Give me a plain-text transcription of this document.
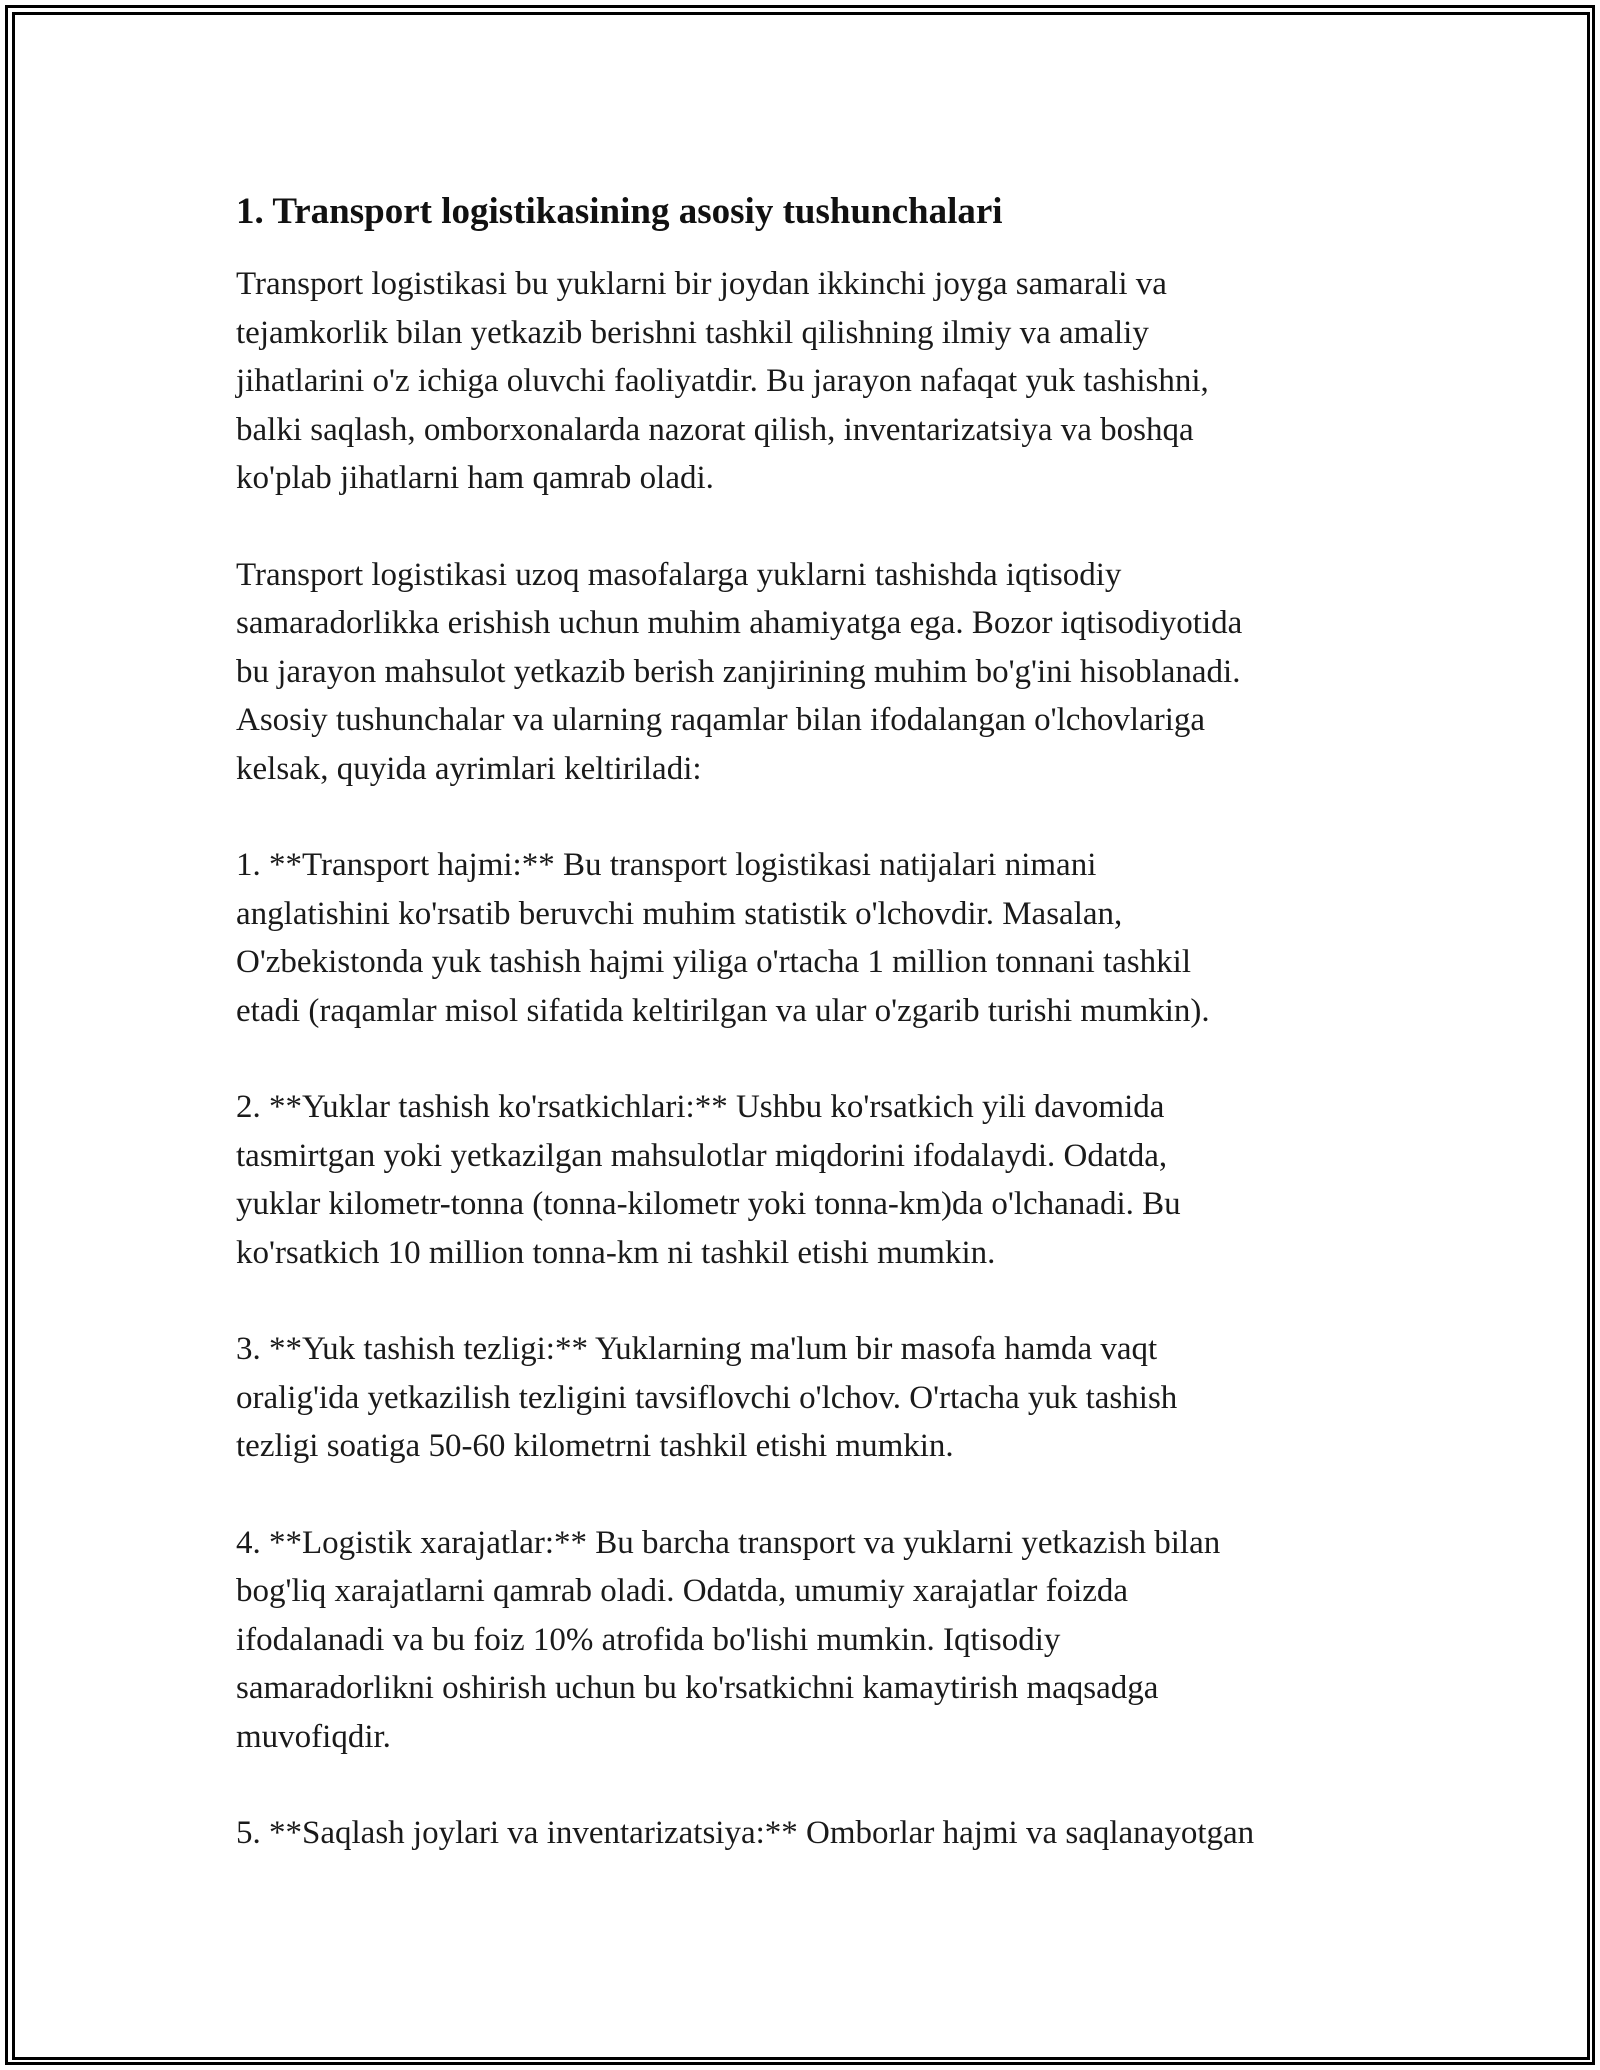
1. Transport logistikasining asosiy tushunchalari

Transport logistikasi bu yuklarni bir joydan ikkinchi joyga samarali va
tejamkorlik bilan yetkazib berishni tashkil qilishning ilmiy va amaliy
jihatlarini o'z ichiga oluvchi faoliyatdir. Bu jarayon nafaqat yuk tashishni,
balki saqlash, omborxonalarda nazorat qilish, inventarizatsiya va boshqa
ko'plab jihatlarni ham qamrab oladi.

Transport logistikasi uzoq masofalarga yuklarni tashishda iqtisodiy
samaradorlikka erishish uchun muhim ahamiyatga ega. Bozor iqtisodiyotida
bu jarayon mahsulot yetkazib berish zanjirining muhim bo'g'ini hisoblanadi.
Asosiy tushunchalar va ularning raqamlar bilan ifodalangan o'lchovlariga
kelsak, quyida ayrimlari keltiriladi:

1. **Transport hajmi:** Bu transport logistikasi natijalari nimani
anglatishini ko'rsatib beruvchi muhim statistik o'lchovdir. Masalan,
O'zbekistonda yuk tashish hajmi yiliga o'rtacha 1 million tonnani tashkil
etadi (raqamlar misol sifatida keltirilgan va ular o'zgarib turishi mumkin).

2. **Yuklar tashish ko'rsatkichlari:** Ushbu ko'rsatkich yili davomida
tasmirtgan yoki yetkazilgan mahsulotlar miqdorini ifodalaydi. Odatda,
yuklar kilometr-tonna (tonna-kilometr yoki tonna-km)da o'lchanadi. Bu
ko'rsatkich 10 million tonna-km ni tashkil etishi mumkin.

3. **Yuk tashish tezligi:** Yuklarning ma'lum bir masofa hamda vaqt
oralig'ida yetkazilish tezligini tavsiflovchi o'lchov. O'rtacha yuk tashish
tezligi soatiga 50-60 kilometrni tashkil etishi mumkin.

4. **Logistik xarajatlar:** Bu barcha transport va yuklarni yetkazish bilan
bog'liq xarajatlarni qamrab oladi. Odatda, umumiy xarajatlar foizda
ifodalanadi va bu foiz 10% atrofida bo'lishi mumkin. Iqtisodiy
samaradorlikni oshirish uchun bu ko'rsatkichni kamaytirish maqsadga
muvofiqdir.

5. **Saqlash joylari va inventarizatsiya:** Omborlar hajmi va saqlanayotgan
